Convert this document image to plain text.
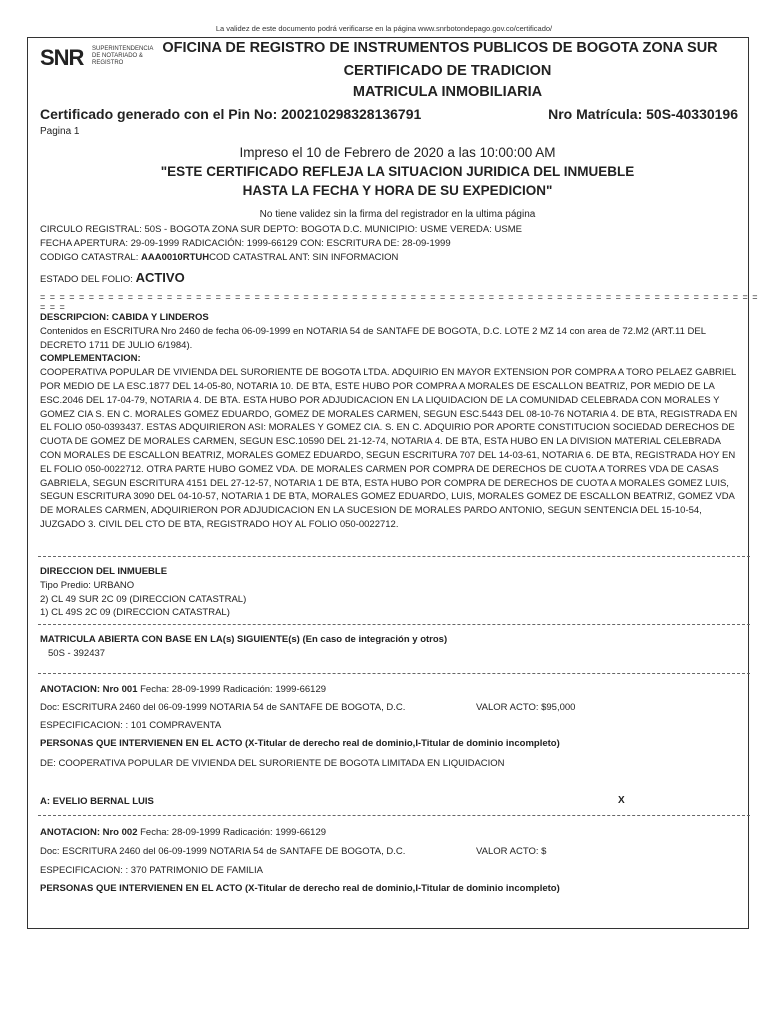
La validez de este documento podrá verificarse en la página www.snrbotondepago.gov.co/certificado/
SNR SUPERINTENDENCIA DE NOTARIADO & REGISTRO
OFICINA DE REGISTRO DE INSTRUMENTOS PUBLICOS DE BOGOTA ZONA SUR
CERTIFICADO DE TRADICION
MATRICULA INMOBILIARIA
Certificado generado con el Pin No: 200210298328136791	Nro Matrícula: 50S-40330196
Pagina 1
Impreso el 10 de Febrero de 2020 a las 10:00:00 AM
"ESTE CERTIFICADO REFLEJA LA SITUACION JURIDICA DEL INMUEBLE
HASTA LA FECHA Y HORA DE SU EXPEDICION"
No tiene validez sin la firma del registrador en la ultima página
CIRCULO REGISTRAL: 50S - BOGOTA ZONA SUR DEPTO: BOGOTA D.C. MUNICIPIO: USME VEREDA: USME
FECHA APERTURA: 29-09-1999 RADICACIÓN: 1999-66129 CON: ESCRITURA DE: 28-09-1999
CODIGO CATASTRAL: AAA0010RTUHCOD CATASTRAL ANT: SIN INFORMACION
ESTADO DEL FOLIO: ACTIVO
= = = = = = = = = = = = = = = = = = = = = = = = = = = = = = = = = = = = = = = = = = = = = = = = = = = = = = = = = = = = = = = = = = = = = = = = = = = = =
DESCRIPCION: CABIDA Y LINDEROS
Contenidos en ESCRITURA Nro 2460 de fecha 06-09-1999 en NOTARIA 54 de SANTAFE DE BOGOTA, D.C. LOTE 2 MZ 14 con area de 72.M2 (ART.11 DEL DECRETO 1711 DE JULIO 6/1984).
COMPLEMENTACION:
COOPERATIVA POPULAR DE VIVIENDA DEL SURORIENTE DE BOGOTA LTDA. ADQUIRIO EN MAYOR EXTENSION POR COMPRA A TORO PELAEZ GABRIEL POR MEDIO DE LA ESC.1877 DEL 14-05-80, NOTARIA 10. DE BTA, ESTE HUBO POR COMPRA A MORALES DE ESCALLON BEATRIZ, POR MEDIO DE LA ESC.2046 DEL 17-04-79, NOTARIA 4. DE BTA. ESTA HUBO POR ADJUDICACION EN LA LIQUIDACION DE LA COMUNIDAD CELEBRADA CON MORALES Y GOMEZ CIA S. EN C. MORALES GOMEZ EDUARDO, GOMEZ DE MORALES CARMEN, SEGUN ESC.5443 DEL 08-10-76 NOTARIA 4. DE BTA, REGISTRADA EN EL FOLIO 050-0393437. ESTAS ADQUIRIERON ASI: MORALES Y GOMEZ CIA. S. EN C. ADQUIRIO POR APORTE CONSTITUCION SOCIEDAD DERECHOS DE CUOTA DE GOMEZ DE MORALES CARMEN, SEGUN ESC.10590 DEL 21-12-74, NOTARIA 4. DE BTA, ESTA HUBO EN LA DIVISION MATERIAL CELEBRADA CON MORALES DE ESCALLON BEATRIZ, MORALES GOMEZ EDUARDO, SEGUN ESCRITURA 707 DEL 14-03-61, NOTARIA 6. DE BTA, REGISTRADA HOY EN EL FOLIO 050-0022712. OTRA PARTE HUBO GOMEZ VDA. DE MORALES CARMEN POR COMPRA DE DERECHOS DE CUOTA A TORRES VDA DE CASAS GABRIELA, SEGUN ESCRITURA 4151 DEL 27-12-57, NOTARIA 1 DE BTA, ESTA HUBO POR COMPRA DE DERECHOS DE CUOTA A MORALES GOMEZ LUIS, SEGUN ESCRITURA 3090 DEL 04-10-57, NOTARIA 1 DE BTA, MORALES GOMEZ EDUARDO, LUIS, MORALES GOMEZ DE ESCALLON BEATRIZ, GOMEZ VDA DE MORALES CARMEN, ADQUIRIERON POR ADJUDICACION EN LA SUCESION DE MORALES PARDO ANTONIO, SEGUN SENTENCIA DEL 15-10-54, JUZGADO 3. CIVIL DEL CTO DE BTA, REGISTRADO HOY AL FOLIO 050-0022712.
DIRECCION DEL INMUEBLE
Tipo Predio: URBANO
2) CL 49 SUR 2C 09 (DIRECCION CATASTRAL)
1) CL 49S 2C 09 (DIRECCION CATASTRAL)
MATRICULA ABIERTA CON BASE EN LA(s) SIGUIENTE(s) (En caso de integración y otros)
50S - 392437
ANOTACION: Nro 001 Fecha: 28-09-1999 Radicación: 1999-66129
Doc: ESCRITURA 2460 del 06-09-1999 NOTARIA 54 de SANTAFE DE BOGOTA, D.C.	VALOR ACTO: $95,000
ESPECIFICACION: : 101 COMPRAVENTA
PERSONAS QUE INTERVIENEN EN EL ACTO (X-Titular de derecho real de dominio,I-Titular de dominio incompleto)
DE: COOPERATIVA POPULAR DE VIVIENDA DEL SURORIENTE DE BOGOTA LIMITADA EN LIQUIDACION
A: EVELIO BERNAL LUIS	X
ANOTACION: Nro 002 Fecha: 28-09-1999 Radicación: 1999-66129
Doc: ESCRITURA 2460 del 06-09-1999 NOTARIA 54 de SANTAFE DE BOGOTA, D.C.	VALOR ACTO: $
ESPECIFICACION: : 370 PATRIMONIO DE FAMILIA
PERSONAS QUE INTERVIENEN EN EL ACTO (X-Titular de derecho real de dominio,I-Titular de dominio incompleto)
